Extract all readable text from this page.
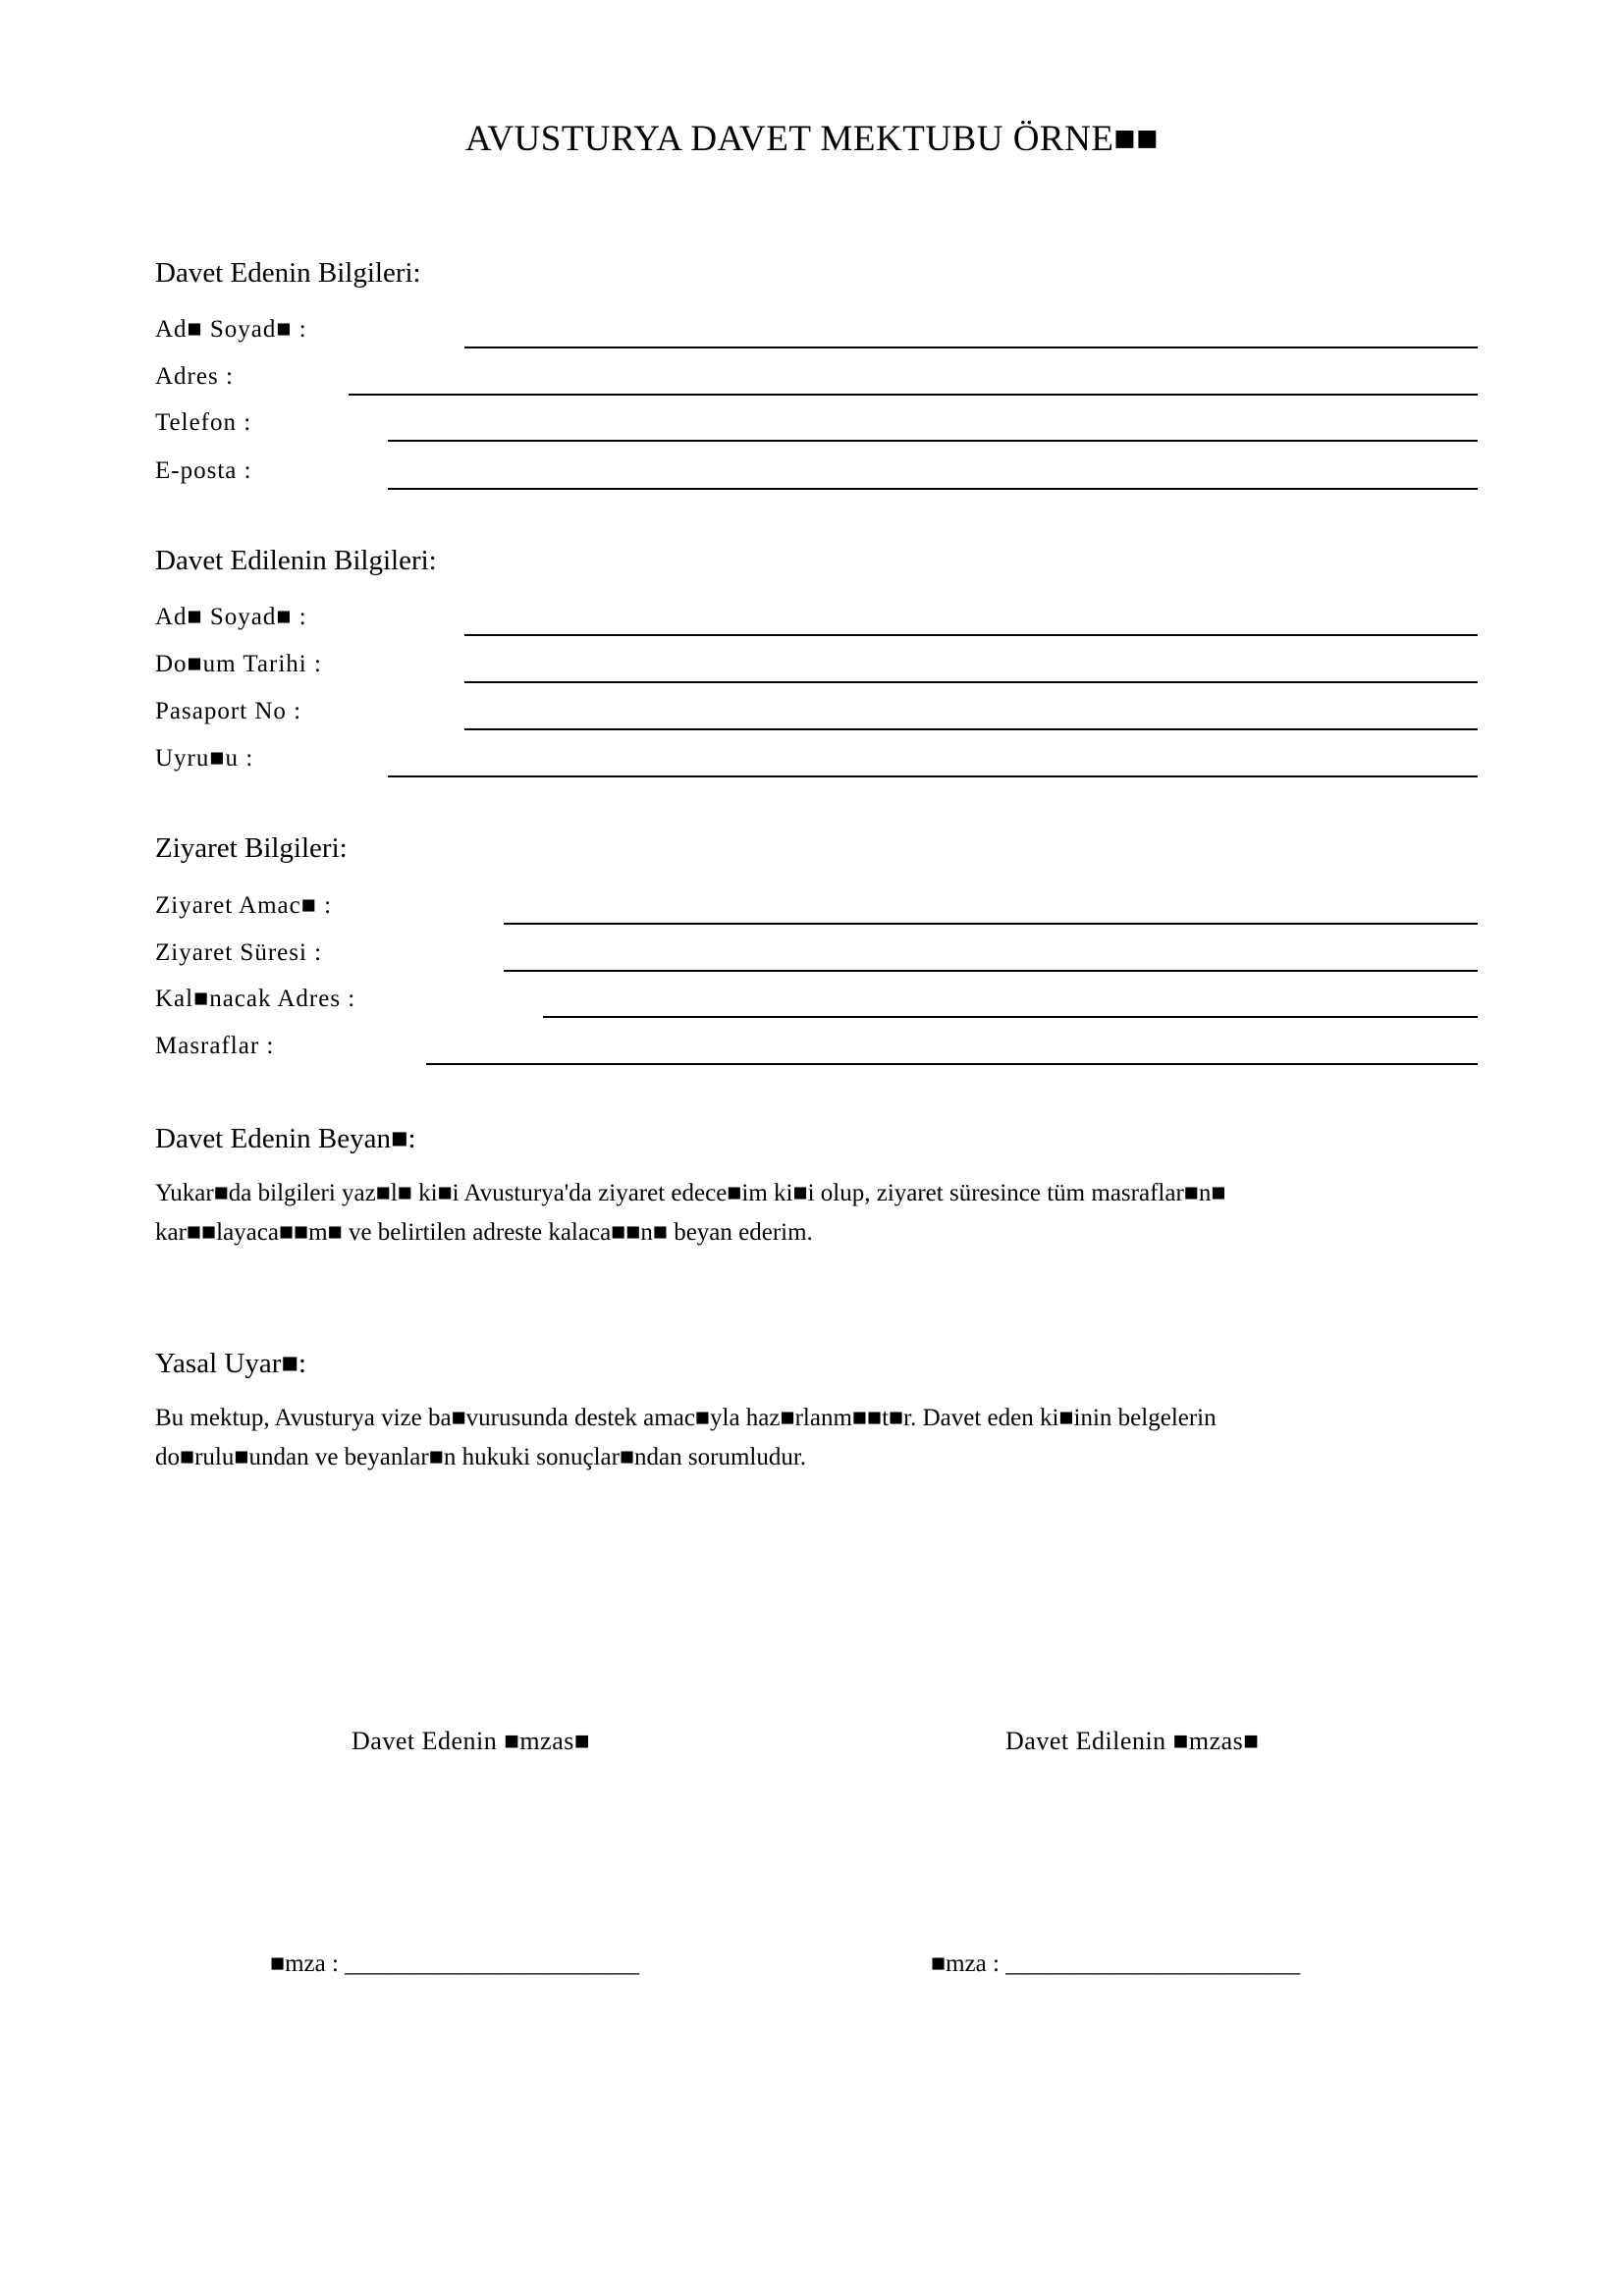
AVUSTURYA DAVET MEKTUBU ÖRNE■■
Davet Edenin Bilgileri:
Ad■ Soyad■ :
Adres :
Telefon :
E-posta :
Davet Edilenin Bilgileri:
Ad■ Soyad■ :
Do■um Tarihi :
Pasaport No :
Uyru■u :
Ziyaret Bilgileri:
Ziyaret Amac■ :
Ziyaret Süresi :
Kal■nacak Adres :
Masraflar :
Davet Edenin Beyan■:
Yukar■da bilgileri yaz■l■ ki■i Avusturya'da ziyaret edece■im ki■i olup, ziyaret süresince tüm masraflar■n■
kar■■layaca■■m■ ve belirtilen adreste kalaca■■n■ beyan ederim.
Yasal Uyar■:
Bu mektup, Avusturya vize ba■vurusunda destek amac■yla haz■rlanm■■t■r. Davet eden ki■inin belgelerin
do■rulu■undan ve beyanlar■n hukuki sonuçlar■ndan sorumludur.
Davet Edenin ■mzas■	Davet Edilenin ■mzas■
■mza : ________________________	■mza : ________________________
